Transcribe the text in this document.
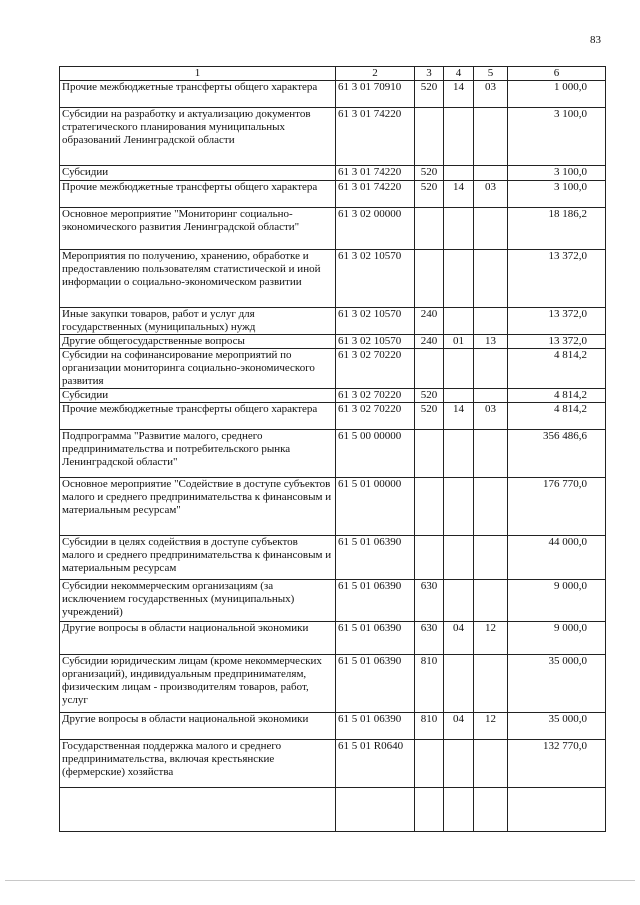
83
1	2	3	4	5	6
Прочие межбюджетные трансферты общего характера	61 3 01 70910	520	14	03	1 000,0
Субсидии на разработку и актуализацию документов стратегического планирования муниципальных образований Ленинградской области	61 3 01 74220				3 100,0
Субсидии	61 3 01 74220	520			3 100,0
Прочие межбюджетные трансферты общего характера	61 3 01 74220	520	14	03	3 100,0
Основное мероприятие "Мониторинг социально-экономического развития Ленинградской области"	61 3 02 00000				18 186,2
Мероприятия по получению, хранению, обработке и предоставлению пользователям статистической и иной информации о социально-экономическом развитии	61 3 02 10570				13 372,0
Иные закупки товаров, работ и услуг для государственных (муниципальных) нужд	61 3 02 10570	240			13 372,0
Другие общегосударственные вопросы	61 3 02 10570	240	01	13	13 372,0
Субсидии на софинансирование мероприятий по организации мониторинга социально-экономического развития	61 3 02 70220				4 814,2
Субсидии	61 3 02 70220	520			4 814,2
Прочие межбюджетные трансферты общего характера	61 3 02 70220	520	14	03	4 814,2
Подпрограмма "Развитие малого, среднего предпринимательства и потребительского рынка Ленинградской области"	61 5 00 00000				356 486,6
Основное мероприятие "Содействие в доступе субъектов малого и среднего предпринимательства к финансовым и материальным ресурсам"	61 5 01 00000				176 770,0
Субсидии в целях содействия в доступе субъектов малого и среднего предпринимательства к финансовым и материальным ресурсам	61 5 01 06390				44 000,0
Субсидии некоммерческим организациям (за исключением государственных (муниципальных) учреждений)	61 5 01 06390	630			9 000,0
Другие вопросы в области национальной экономики	61 5 01 06390	630	04	12	9 000,0
Субсидии юридическим лицам (кроме некоммерческих организаций), индивидуальным предпринимателям, физическим лицам - производителям товаров, работ, услуг	61 5 01 06390	810			35 000,0
Другие вопросы в области национальной экономики	61 5 01 06390	810	04	12	35 000,0
Государственная поддержка малого и среднего предпринимательства, включая крестьянские (фермерские) хозяйства	61 5 01 R0640				132 770,0
